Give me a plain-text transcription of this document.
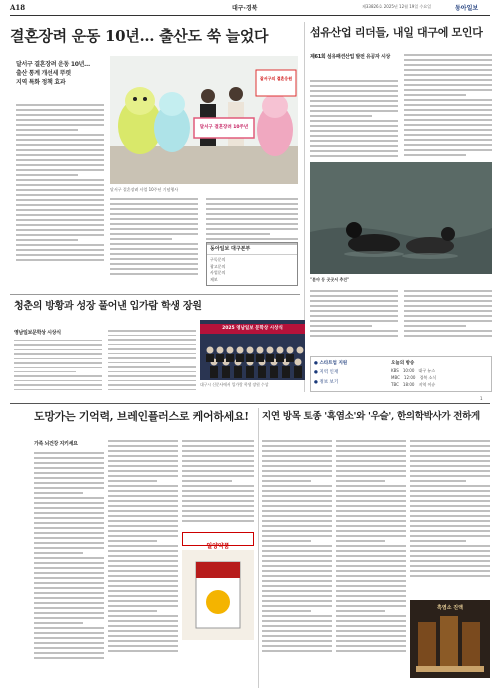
A18	대구·경북	제33826호 2025년 12월 19일 수요일	동아일보
결혼장려 운동 10년… 출산도 쑥 늘었다
달서구 결혼장려 운동 10년…
출산 통계 개선세 뚜렷
지역 특화 정책 효과
달서구 결혼장려 10주년
잘서구의 결혼응원
달서구 결혼장려 사업 10주년 기념행사
동아일보 대구본부
구독문의
광고문의
사업문의
제보
섬유산업 리더들, 내일 대구에 모인다
제61회 섬유패션산업 발전 유공자 시상
"분야 등 곳곳서 추진"
청춘의 방황과 성장 풀어낸 입가람 학생 장원
영남일보문학상 시상식
2025 영남일보 문학상 시상식
대구시 신문사에서 입가람 학생 장원 수상
● 스타트업 지원
● 지역 인재
● 정보 보기
오늘의 방송
KBS 10:00 대구 뉴스
MBC 12:00 경북 소식
TBC 18:00 지역 이슈
1
도망가는 기억력, 브레인플러스로 케어하세요!
가족 뇌건강 지키세요
일양약품
지연 방목 토종 '흑염소'와 '우슬', 한의학박사가 전하게
흑염소 진액
